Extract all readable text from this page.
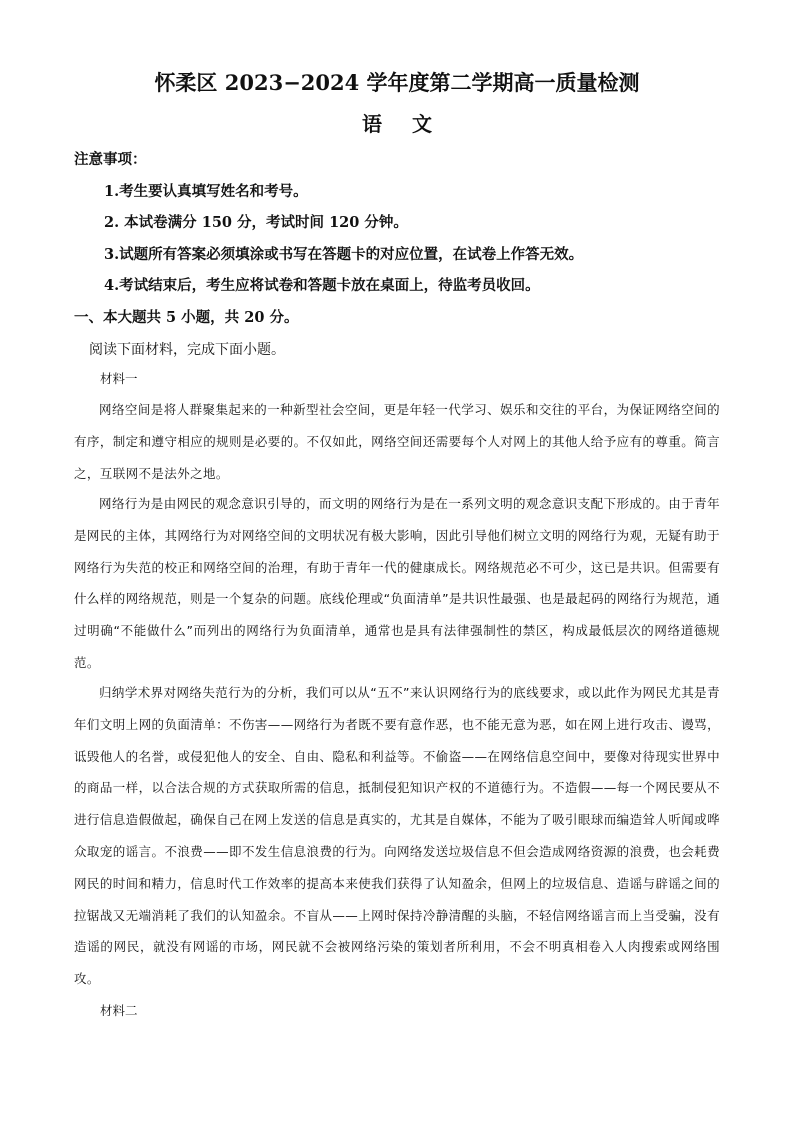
怀柔区 2023−2024 学年度第二学期高一质量检测
语文
注意事项：
1.考生要认真填写姓名和考号。
2. 本试卷满分 150 分，考试时间 120 分钟。
3.试题所有答案必须填涂或书写在答题卡的对应位置，在试卷上作答无效。
4.考试结束后，考生应将试卷和答题卡放在桌面上，待监考员收回。
一、本大题共 5 小题，共 20 分。
阅读下面材料，完成下面小题。
材料一
网络空间是将人群聚集起来的一种新型社会空间，更是年轻一代学习、娱乐和交往的平台，为保证网络空间的有序，制定和遵守相应的规则是必要的。不仅如此，网络空间还需要每个人对网上的其他人给予应有的尊重。简言之，互联网不是法外之地。
网络行为是由网民的观念意识引导的，而文明的网络行为是在一系列文明的观念意识支配下形成的。由于青年是网民的主体，其网络行为对网络空间的文明状况有极大影响，因此引导他们树立文明的网络行为观，无疑有助于网络行为失范的校正和网络空间的治理，有助于青年一代的健康成长。网络规范必不可少，这已是共识。但需要有什么样的网络规范，则是一个复杂的问题。底线伦理或“负面清单”是共识性最强、也是最起码的网络行为规范，通过明确“不能做什么”而列出的网络行为负面清单，通常也是具有法律强制性的禁区，构成最低层次的网络道德规范。
归纳学术界对网络失范行为的分析，我们可以从“五不”来认识网络行为的底线要求，或以此作为网民尤其是青年们文明上网的负面清单：不伤害——网络行为者既不要有意作恶，也不能无意为恶，如在网上进行攻击、谩骂，诋毁他人的名誉，或侵犯他人的安全、自由、隐私和利益等。不偷盗——在网络信息空间中，要像对待现实世界中的商品一样，以合法合规的方式获取所需的信息，抵制侵犯知识产权的不道德行为。不造假——每一个网民要从不进行信息造假做起，确保自己在网上发送的信息是真实的，尤其是自媒体，不能为了吸引眼球而编造耸人听闻或哗众取宠的谣言。不浪费——即不发生信息浪费的行为。向网络发送垃圾信息不但会造成网络资源的浪费，也会耗费网民的时间和精力，信息时代工作效率的提高本来使我们获得了认知盈余，但网上的垃圾信息、造谣与辟谣之间的拉锯战又无端消耗了我们的认知盈余。不盲从——上网时保持冷静清醒的头脑，不轻信网络谣言而上当受骗，没有造谣的网民，就没有网谣的市场，网民就不会被网络污染的策划者所利用，不会不明真相卷入人肉搜索或网络围攻。
材料二
